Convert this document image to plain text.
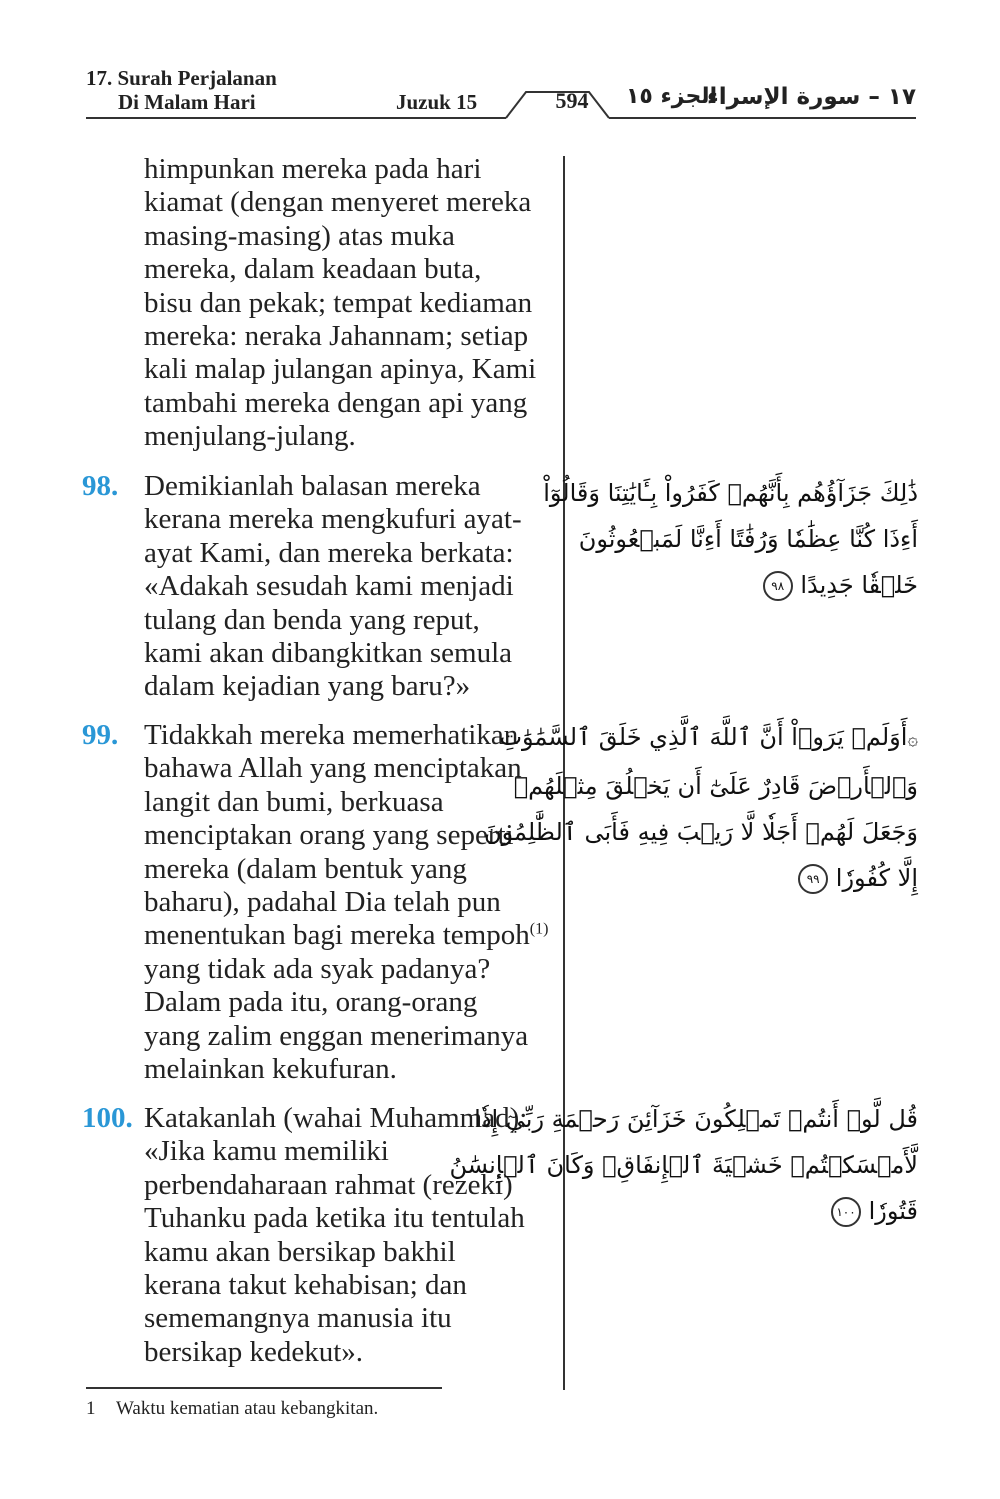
17. Surah Perjalanan
Di Malam Hari	Juzuk 15	594	الجزء ١٥
١٧ – سورة الإسراء
himpunkan mereka pada hari
kiamat (dengan menyeret mereka
masing-masing) atas muka
mereka, dalam keadaan buta,
bisu dan pekak; tempat kediaman
mereka: neraka Jahannam; setiap
kali malap julangan apinya, Kami
tambahi mereka dengan api yang
menjulang-julang.
98. Demikianlah balasan mereka
kerana mereka mengkufuri ayat-
ayat Kami, dan mereka berkata:
«Adakah sesudah kami menjadi
tulang dan benda yang reput,
kami akan dibangkitkan semula
dalam kejadian yang baru?»
ذَٰلِكَ جَزَآؤُهُم بِأَنَّهُمۡ كَفَرُواْ بِـَٔايَٰتِنَا وَقَالُوٓاْ
أَءِذَا كُنَّا عِظَٰمٗا وَرُفَٰتًا أَءِنَّا لَمَبۡعُوثُونَ
خَلۡقٗا جَدِيدًا ٩٨
99. Tidakkah mereka memerhatikan
bahawa Allah yang menciptakan
langit dan bumi, berkuasa
menciptakan orang yang seperti
mereka (dalam bentuk yang
baharu), padahal Dia telah pun
menentukan bagi mereka tempoh$^{(1)}$
yang tidak ada syak padanya?
Dalam pada itu, orang-orang
yang zalim enggan menerimanya
melainkan kekufuran.
۞أَوَلَمۡ يَرَوۡاْ أَنَّ ٱللَّهَ ٱلَّذِي خَلَقَ ٱلسَّمَٰوَٰتِ
وَٱلۡأَرۡضَ قَادِرٌ عَلَىٰٓ أَن يَخۡلُقَ مِثۡلَهُمۡ
وَجَعَلَ لَهُمۡ أَجَلٗا لَّا رَيۡبَ فِيهِ فَأَبَى ٱلظَّٰلِمُونَ
إِلَّا كُفُورٗا ٩٩
100. Katakanlah (wahai Muhammad):
«Jika kamu memiliki
perbendaharaan rahmat (rezeki)
Tuhanku pada ketika itu tentulah
kamu akan bersikap bakhil
kerana takut kehabisan; dan
sememangnya manusia itu
bersikap kedekut».
قُل لَّوۡ أَنتُمۡ تَمۡلِكُونَ خَزَآئِنَ رَحۡمَةِ رَبِّيٓ إِذٗا
لَّأَمۡسَكۡتُمۡ خَشۡيَةَ ٱلۡإِنفَاقِۚ وَكَانَ ٱلۡإِنسَٰنُ
قَتُورٗا ١٠٠
1 Waktu kematian atau kebangkitan.
